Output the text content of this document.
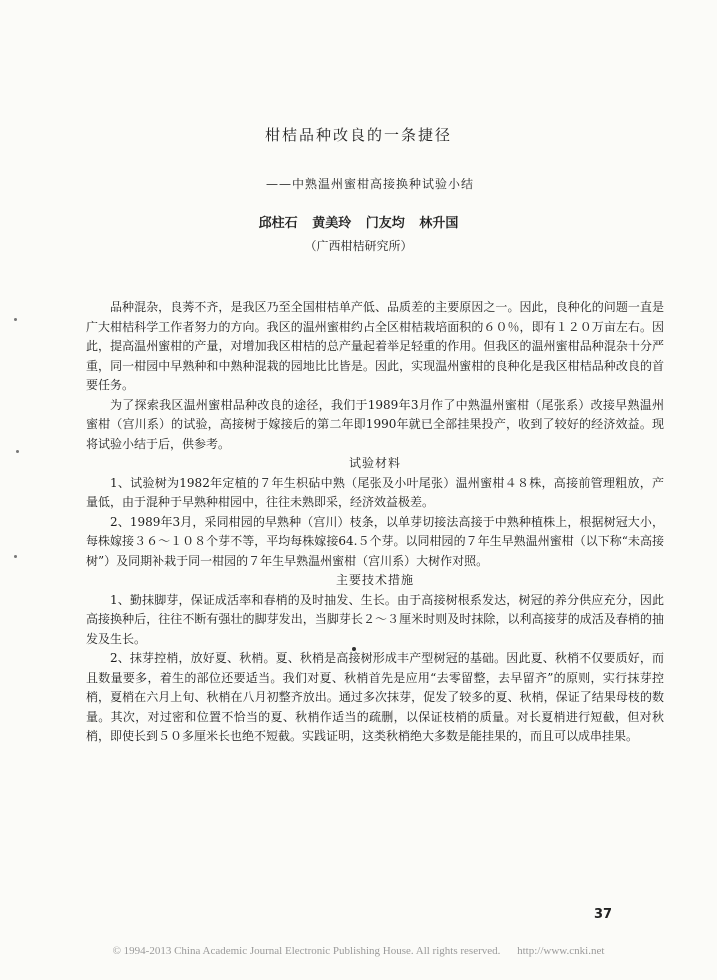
柑桔品种改良的一条捷径
——中熟温州蜜柑高接换种试验小结
邱柱石 黄美玲 门友均 林升国
（广西柑桔研究所）

品种混杂，良莠不齐，是我区乃至全国柑桔单产低、品质差的主要原因之一。因此，良种化的问题一直是广大柑桔科学工作者努力的方向。我区的温州蜜柑约占全区柑桔栽培面积的６０％，即有１２０万亩左右。因此，提高温州蜜柑的产量，对增加我区柑桔的总产量起着举足轻重的作用。但我区的温州蜜柑品种混杂十分严重，同一柑园中早熟种和中熟种混栽的园地比比皆是。因此，实现温州蜜柑的良种化是我区柑桔品种改良的首要任务。

为了探索我区温州蜜柑品种改良的途径，我们于1989年3月作了中熟温州蜜柑（尾张系）改接早熟温州蜜柑（宫川系）的试验，高接树于嫁接后的第二年即1990年就已全部挂果投产，收到了较好的经济效益。现将试验小结于后，供参考。

试验材料

1、试验树为1982年定植的７年生枳砧中熟（尾张及小叶尾张）温州蜜柑４８株，高接前管理粗放，产量低，由于混种于早熟种柑园中，往往未熟即采，经济效益极差。

2、1989年3月，采同柑园的早熟种（宫川）枝条，以单芽切接法高接于中熟种植株上，根据树冠大小，每株嫁接３６～１０８个芽不等，平均每株嫁接64.５个芽。以同柑园的７年生早熟温州蜜柑（以下称“未高接树”）及同期补栽于同一柑园的７年生早熟温州蜜柑（宫川系）大树作对照。

主要技术措施

1、勤抹脚芽，保证成活率和春梢的及时抽发、生长。由于高接树根系发达，树冠的养分供应充分，因此高接换种后，往往不断有强壮的脚芽发出，当脚芽长２～３厘米时则及时抹除，以利高接芽的成活及春梢的抽发及生长。

2、抹芽控梢，放好夏、秋梢。夏、秋梢是高接树形成丰产型树冠的基础。因此夏、秋梢不仅要质好，而且数量要多，着生的部位还要适当。我们对夏、秋梢首先是应用“去零留整，去早留齐”的原则，实行抹芽控梢，夏梢在六月上旬、秋梢在八月初整齐放出。通过多次抹芽，促发了较多的夏、秋梢，保证了结果母枝的数量。其次，对过密和位置不恰当的夏、秋梢作适当的疏删，以保证枝梢的质量。对长夏梢进行短截，但对秋梢，即使长到５０多厘米长也绝不短截。实践证明，这类秋梢绝大多数是能挂果的，而且可以成串挂果。

37
© 1994-2013 China Academic Journal Electronic Publishing House. All rights reserved. http://www.cnki.net
